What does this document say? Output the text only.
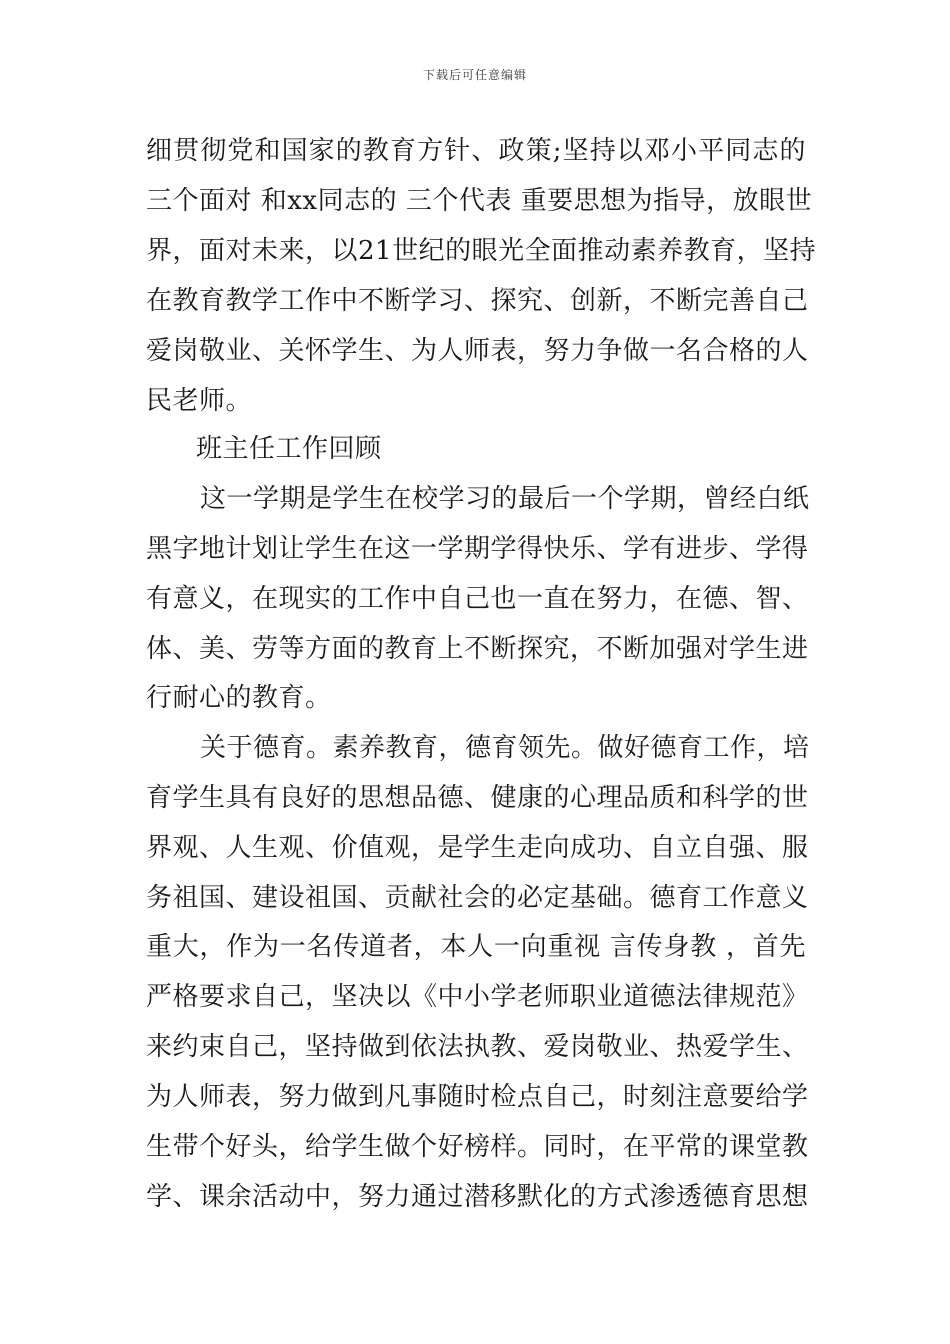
下载后可任意编辑
细贯彻党和国家的教育方针、政策;坚持以邓小平同志的
三个面对 和xx同志的 三个代表 重要思想为指导，放眼世
界，面对未来，以21世纪的眼光全面推动素养教育，坚持
在教育教学工作中不断学习、探究、创新，不断完善自己
爱岗敬业、关怀学生、为人师表，努力争做一名合格的人
民老师。
班主任工作回顾
这一学期是学生在校学习的最后一个学期，曾经白纸
黑字地计划让学生在这一学期学得快乐、学有进步、学得
有意义，在现实的工作中自己也一直在努力，在德、智、
体、美、劳等方面的教育上不断探究，不断加强对学生进
行耐心的教育。
关于德育。素养教育，德育领先。做好德育工作，培
育学生具有良好的思想品德、健康的心理品质和科学的世
界观、人生观、价值观，是学生走向成功、自立自强、服
务祖国、建设祖国、贡献社会的必定基础。德育工作意义
重大，作为一名传道者，本人一向重视 言传身教 ，首先
严格要求自己，坚决以《中小学老师职业道德法律规范》
来约束自己，坚持做到依法执教、爱岗敬业、热爱学生、
为人师表，努力做到凡事随时检点自己，时刻注意要给学
生带个好头，给学生做个好榜样。同时，在平常的课堂教
学、课余活动中，努力通过潜移默化的方式渗透德育思想
